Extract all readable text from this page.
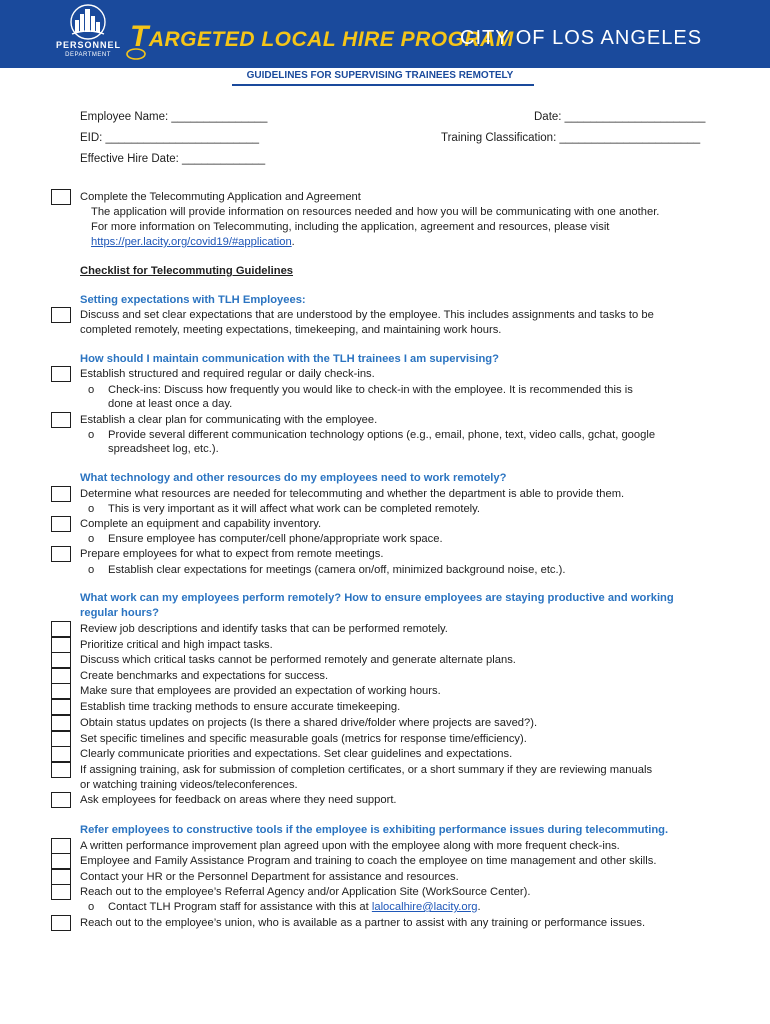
PERSONNEL
DEPARTMENT
TARGETED LOCAL HIRE PROGRAM
CITY OF LOS ANGELES
GUIDELINES FOR SUPERVISING TRAINEES REMOTELY
Employee Name: _______________	Date: ______________________
EID: ________________________	Training Classification: ______________________
Effective Hire Date: _____________
Complete the Telecommuting Application and Agreement
The application will provide information on resources needed and how you will be communicating with one another.
For more information on Telecommuting, including the application, agreement and resources, please visit
https://per.lacity.org/covid19/#application.
Checklist for Telecommuting Guidelines
Setting expectations with TLH Employees:
Discuss and set clear expectations that are understood by the employee. This includes assignments and tasks to be
completed remotely, meeting expectations, timekeeping, and maintaining work hours.
How should I maintain communication with the TLH trainees I am supervising?
Establish structured and required regular or daily check-ins.
o Check-ins: Discuss how frequently you would like to check-in with the employee. It is recommended this is
done at least once a day.
Establish a clear plan for communicating with the employee.
o Provide several different communication technology options (e.g., email, phone, text, video calls, gchat, google
spreadsheet log, etc.).
What technology and other resources do my employees need to work remotely?
Determine what resources are needed for telecommuting and whether the department is able to provide them.
o This is very important as it will affect what work can be completed remotely.
Complete an equipment and capability inventory.
o Ensure employee has computer/cell phone/appropriate work space.
Prepare employees for what to expect from remote meetings.
o Establish clear expectations for meetings (camera on/off, minimized background noise, etc.).
What work can my employees perform remotely? How to ensure employees are staying productive and working
regular hours?
Review job descriptions and identify tasks that can be performed remotely.
Prioritize critical and high impact tasks.
Discuss which critical tasks cannot be performed remotely and generate alternate plans.
Create benchmarks and expectations for success.
Make sure that employees are provided an expectation of working hours.
Establish time tracking methods to ensure accurate timekeeping.
Obtain status updates on projects (Is there a shared drive/folder where projects are saved?).
Set specific timelines and specific measurable goals (metrics for response time/efficiency).
Clearly communicate priorities and expectations. Set clear guidelines and expectations.
If assigning training, ask for submission of completion certificates, or a short summary if they are reviewing manuals
or watching training videos/teleconferences.
Ask employees for feedback on areas where they need support.
Refer employees to constructive tools if the employee is exhibiting performance issues during telecommuting.
A written performance improvement plan agreed upon with the employee along with more frequent check-ins.
Employee and Family Assistance Program and training to coach the employee on time management and other skills.
Contact your HR or the Personnel Department for assistance and resources.
Reach out to the employee’s Referral Agency and/or Application Site (WorkSource Center).
o Contact TLH Program staff for assistance with this at lalocalhire@lacity.org.
Reach out to the employee’s union, who is available as a partner to assist with any training or performance issues.
